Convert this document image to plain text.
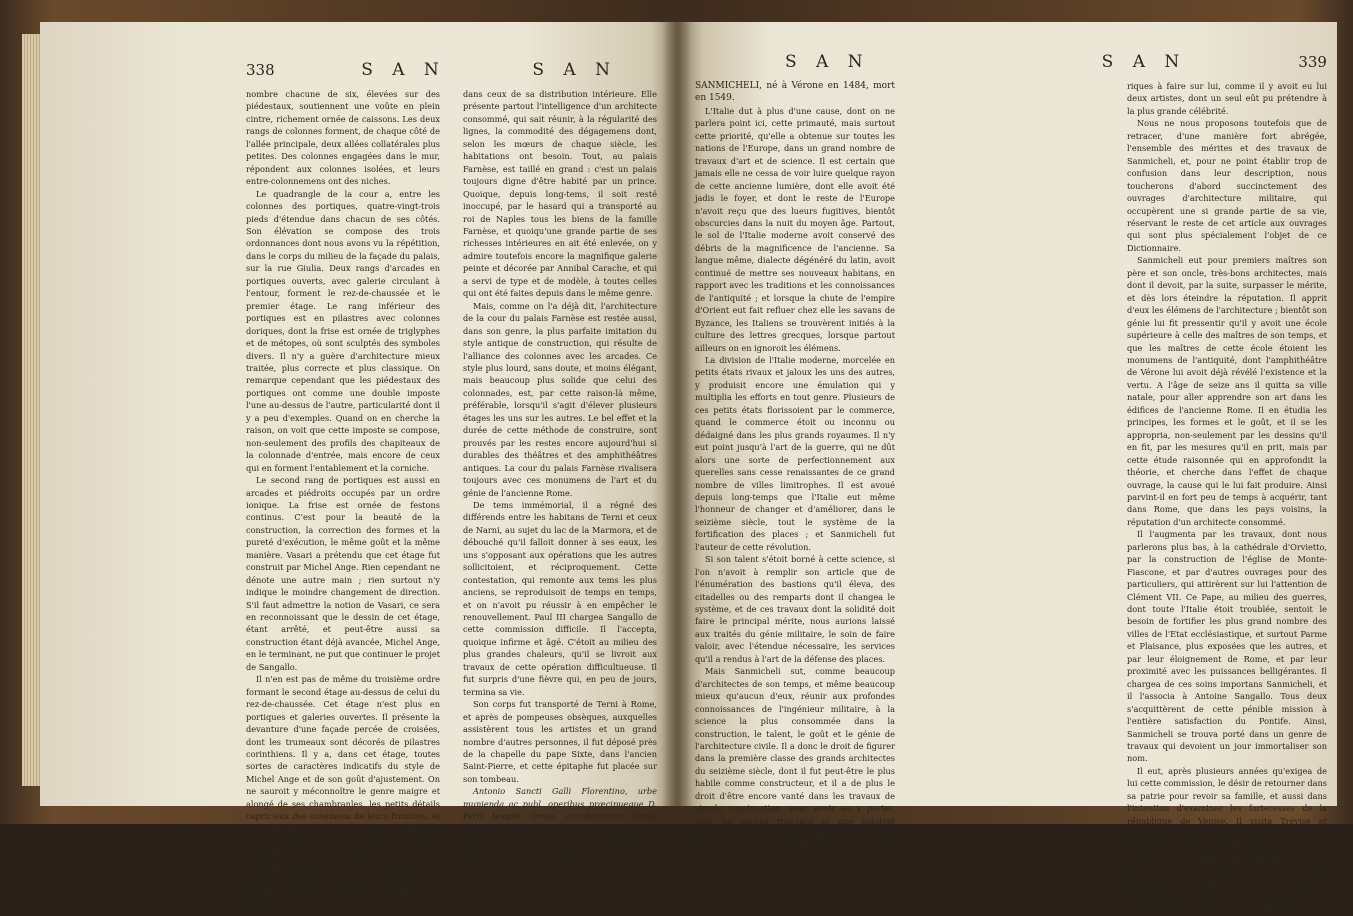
338	S A N	S A N

nombre chacune de six, élevées sur des piédestaux, soutiennent une voûte en plein cintre, richement ornée de caissons. Les deux rangs de colonnes forment, de chaque côté de l'allée principale, deux allées collatérales plus petites. Des colonnes engagées dans le mur, répondent aux colonnes isolées, et leurs entre-colonnemens ont des niches.

Le quadrangle de la cour a, entre les colonnes des portiques, quatre-vingt-trois pieds d'étendue dans chacun de ses côtés. Son élévation se compose des trois ordonnances dont nous avons vu la répétition, dans le corps du milieu de la façade du palais, sur la rue Giulia. Deux rangs d'arcades en portiques ouverts, avec galerie circulant à l'entour, forment le rez-de-chaussée et le premier étage. Le rang inférieur des portiques est en pilastres avec colonnes doriques, dont la frise est ornée de triglyphes et de métopes, où sont sculptés des symboles divers. Il n'y a guère d'architecture mieux traitée, plus correcte et plus classique. On remarque cependant que les piédestaux des portiques ont comme une double imposte l'une au-dessus de l'autre, particularité dont il y a peu d'exemples. Quand on en cherche la raison, on voit que cette imposte se compose, non-seulement des profils des chapiteaux de la colonnade d'entrée, mais encore de ceux qui en forment l'entablement et la corniche.

Le second rang de portiques est aussi en arcades et piédroits occupés par un ordre ionique. La frise est ornée de festons continus. C'est pour la beauté de la construction, la correction des formes et la pureté d'exécution, le même goût et la même manière. Vasari a prétendu que cet étage fut construit par Michel Ange. Rien cependant ne dénote une autre main ; rien surtout n'y indique le moindre changement de direction. S'il faut admettre la notion de Vasari, ce sera en reconnoissant que le dessin de cet étage, étant arrêté, et peut-être aussi sa construction étant déjà avancée, Michel Ange, en le terminant, ne put que continuer le projet de Sangallo.

Il n'en est pas de même du troisième ordre formant le second étage au-dessus de celui du rez-de-chaussée. Cet étage n'est plus en portiques et galeries ouvertes. Il présente la devanture d'une façade percée de croisées, dont les trumeaux sont décorés de pilastres corinthiens. Il y a, dans cet étage, toutes sortes de caractères indicatifs du style de Michel Ange et de son goût d'ajustement. On ne sauroit y méconnoître le genre maigre et alongé de ses chambranles, les petits détails capricieux des ornemens de leurs frontons, et cette pratique de ressauts ou de pilastres doublés, dont on retrouvent difficilement des exemples avant Michel Ange.

On feroit un article beaucoup trop long, si, après avoir parcouru les détails de l'architecture extérieure du palais Farnèse, on prétendoit entrer

dans ceux de sa distribution intérieure. Elle présente partout l'intelligence d'un architecte consommé, qui sait réunir, à la régularité des lignes, la commodité des dégagemens dont, selon les mœurs de chaque siècle, les habitations ont besoin. Tout, au palais Farnèse, est taillé en grand : c'est un palais toujours digne d'être habité par un prince. Quoique, depuis long-tems, il soit resté inoccupé, par le hasard qui a transporté au roi de Naples tous les biens de la famille Farnèse, et quoiqu'une grande partie de ses richesses intérieures en ait été enlevée, on y admire toutefois encore la magnifique galerie peinte et décorée par Annibal Carache, et qui a servi de type et de modèle, à toutes celles qui ont été faites depuis dans le même genre.

Mais, comme on l'a déjà dit, l'architecture de la cour du palais Farnèse est restée aussi, dans son genre, la plus parfaite imitation du style antique de construction, qui résulte de l'alliance des colonnes avec les arcades. Ce style plus lourd, sans doute, et moins élégant, mais beaucoup plus solide que celui des colonnades, est, par cette raison-là même, préférable, lorsqu'il s'agit d'élever plusieurs étages les uns sur les autres. Le bel effet et la durée de cette méthode de construire, sont prouvés par les restes encore aujourd'hui si durables des théâtres et des amphithéâtres antiques. La cour du palais Farnèse rivalisera toujours avec ces monumens de l'art et du génie de l'ancienne Rome.

De tems immémorial, il a régné des différends entre les habitans de Terni et ceux de Narni, au sujet du lac de la Marmora, et de débouché qu'il falloit donner à ses eaux, les uns s'opposant aux opérations que les autres sollicitoient, et réciproquement. Cette contestation, qui remonte aux tems les plus anciens, se reproduisoit de temps en temps, et on n'avoit pu réussir à en empêcher le renouvellement. Paul III chargea Sangallo de cette commission difficile. Il l'accepta, quoique infirme et âgé. C'étoit au milieu des plus grandes chaleurs, qu'il se livroit aux travaux de cette opération difficultueuse. Il fut surpris d'une fièvre qui, en peu de jours, termina sa vie.

Son corps fut transporté de Terni à Rome, et après de pompeuses obsèques, auxquelles assistèrent tous les artistes et un grand nombre d'autres personnes, il fut déposé près de la chapelle du pape Sixte, dans l'ancien Saint-Pierre, et cette épitaphe fut placée sur son tombeau.

Antonio Sancti Galli Florentino, urbe munienda ac publ. operibus præcipueque D. Petri templo ornan. architectorum facile principi, dum Velini lacus emissionem parat, Paulo Pont. Max. auctore, Interamnæ intempestivè exstincto, Isabella Deta uxor. mæstiss. posuit 1546. III. Kalend. octobris.

S A N	S A N	339

SANMICHELI, né à Vérone en 1484, mort en 1549.

L'Italie dut à plus d'une cause, dont on ne parlera point ici, cette primauté, mais surtout cette priorité, qu'elle a obtenue sur toutes les nations de l'Europe, dans un grand nombre de travaux d'art et de science. Il est certain que jamais elle ne cessa de voir luire quelque rayon de cette ancienne lumière, dont elle avoit été jadis le foyer, et dont le reste de l'Europe n'avoit reçu que des lueurs fugitives, bientôt obscurcies dans la nuit du moyen âge. Partout, le sol de l'Italie moderne avoit conservé des débris de la magnificence de l'ancienne. Sa langue même, dialecte dégénéré du latin, avoit continué de mettre ses nouveaux habitans, en rapport avec les traditions et les connoissances de l'antiquité ; et lorsque la chute de l'empire d'Orient eut fait refluer chez elle les savans de Byzance, les Italiens se trouvèrent initiés à la culture des lettres grecques, lorsque partout ailleurs on en ignoroit les élémens.

La division de l'Italie moderne, morcelée en petits états rivaux et jaloux les uns des autres, y produisit encore une émulation qui y multiplia les efforts en tout genre. Plusieurs de ces petits états florissoient par le commerce, quand le commerce étoit ou inconnu ou dédaigné dans les plus grands royaumes. Il n'y eut point jusqu'à l'art de la guerre, qui ne dût alors une sorte de perfectionnement aux querelles sans cesse renaissantes de ce grand nombre de villes limitrophes. Il est avoué depuis long-temps que l'Italie eut même l'honneur de changer et d'améliorer, dans le seizième siècle, tout le système de la fortification des places ; et Sanmicheli fut l'auteur de cette révolution.

Si son talent s'étoit borné à cette science, si l'on n'avoit à remplir son article que de l'énumération des bastions qu'il éleva, des citadelles ou des remparts dont il changea le système, et de ces travaux dont la solidité doit faire le principal mérite, nous aurions laissé aux traités du génie militaire, le soin de faire valoir, avec l'étendue nécessaire, les services qu'il a rendus à l'art de la défense des places.

Mais Sanmicheli sut, comme beaucoup d'architectes de son temps, et même beaucoup mieux qu'aucun d'eux, réunir aux profondes connoissances de l'ingénieur militaire, à la science la plus consommée dans la construction, le talent, le goût et le génie de l'architecture civile. Il a donc le droit de figurer dans la première classe des grands architectes du seizième siècle, dont il fut peut-être le plus habile comme constructeur, et il a de plus le droit d'être encore vanté dans les travaux de simple construction, pour avoir su y porter, avec un succès très-rare et une habileté particulière, le génie de l'architecte.

Il y auroit, dans la réalité, deux notices histo-

riques à faire sur lui, comme il y avoit eu lui deux artistes, dont un seul eût pu prétendre à la plus grande célébrité.

Nous ne nous proposons toutefois que de retracer, d'une manière fort abrégée, l'ensemble des mérites et des travaux de Sanmicheli, et, pour ne point établir trop de confusion dans leur description, nous toucherons d'abord succinctement des ouvrages d'architecture militaire, qui occupèrent une si grande partie de sa vie, réservant le reste de cet article aux ouvrages qui sont plus spécialement l'objet de ce Dictionnaire.

Sanmicheli eut pour premiers maîtres son père et son oncle, très-bons architectes, mais dont il devoit, par la suite, surpasser le mérite, et dès lors éteindre la réputation. Il apprit d'eux les élémens de l'architecture ; bientôt son génie lui fit pressentir qu'il y avoit une école supérieure à celle des maîtres de son temps, et que les maîtres de cette école étoient les monumens de l'antiquité, dont l'amphithéâtre de Vérone lui avoit déjà révélé l'existence et la vertu. A l'âge de seize ans il quitta sa ville natale, pour aller apprendre son art dans les édifices de l'ancienne Rome. Il en étudia les principes, les formes et le goût, et il se les appropria, non-seulement par les dessins qu'il en fit, par les mesures qu'il en prit, mais par cette étude raisonnée qui en approfondit la théorie, et cherche dans l'effet de chaque ouvrage, la cause qui le lui fait produire. Ainsi parvint-il en fort peu de temps à acquérir, tant dans Rome, que dans les pays voisins, la réputation d'un architecte consommé.

Il l'augmenta par les travaux, dont nous parlerons plus bas, à la cathédrale d'Orvietto, par la construction de l'église de Monte-Fiascone, et par d'autres ouvrages pour des particuliers, qui attirèrent sur lui l'attention de Clément VII. Ce Pape, au milieu des guerres, dont toute l'Italie étoit troublée, sentoit le besoin de fortifier les plus grand nombre des villes de l'Etat ecclésiastique, et surtout Parme et Plaisance, plus exposées que les autres, et par leur éloignement de Rome, et par leur proximité avec les puissances belligérantes. Il chargea de ces soins importans Sanmicheli, et il l'associa à Antoine Sangallo. Tous deux s'acquittèrent de cette pénible mission à l'entière satisfaction du Pontife. Ainsi, Sanmicheli se trouva porté dans un genre de travaux qui devoient un jour immortaliser son nom.

Il eut, après plusieurs années qu'exigea de lui cette commission, le désir de retourner dans sa patrie pour revoir sa famille, et aussi dans l'intention d'examiner les forteresses de la république de Venise. Il visita Trévise et Padoue, sans autre vue que d'en étudier, sous le rapport de l'art, les constructions militaires. Le gouvernement vénitien lui soupçonna d'autres projets, et le fit arrêter comme espion. L'examen de sa conduite et de sa personne ne tarda pas à démontrer qu'on

V v 2
